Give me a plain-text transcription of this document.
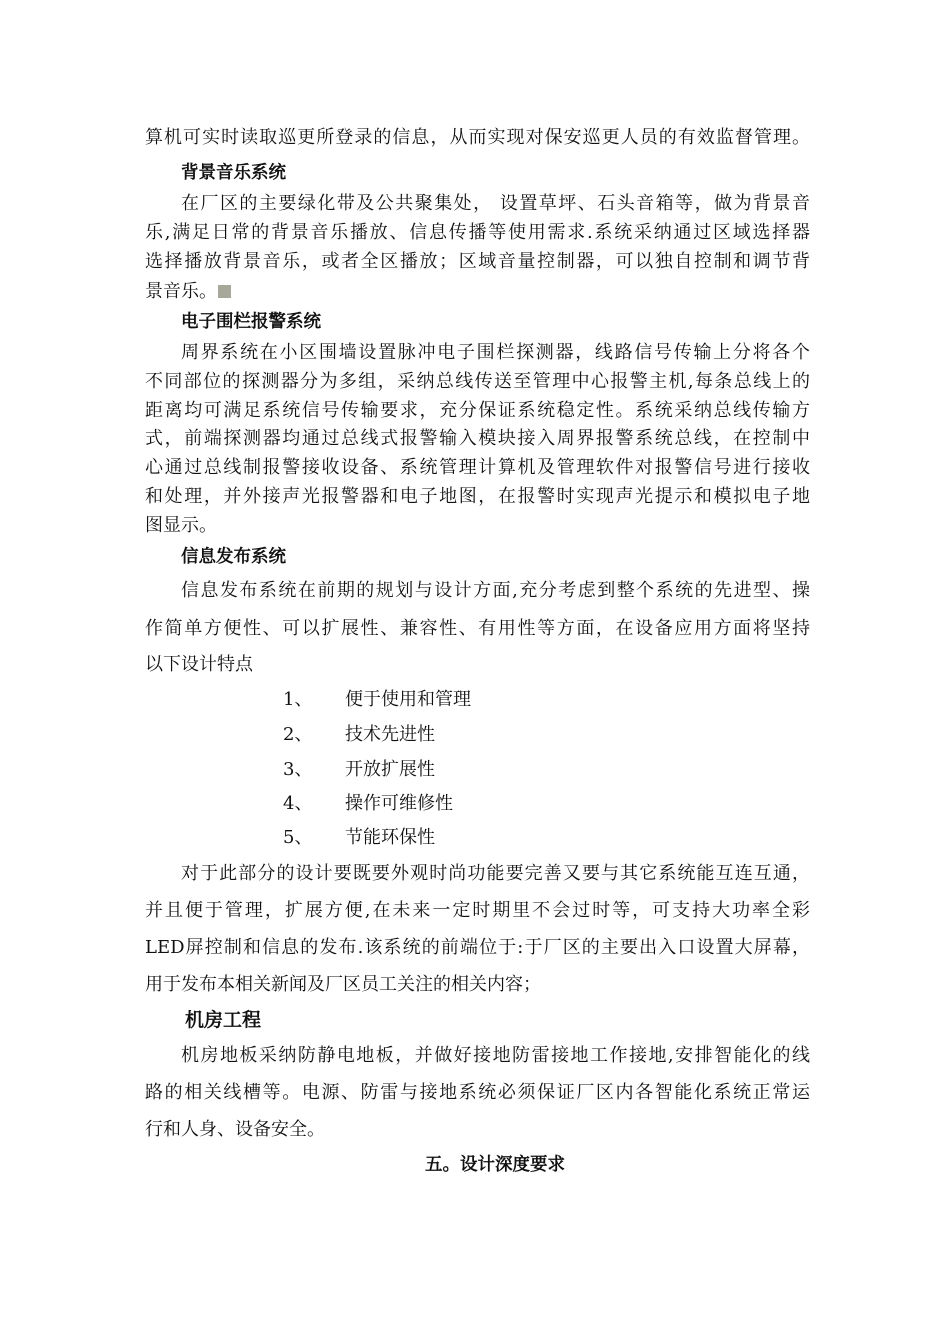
算机可实时读取巡更所登录的信息，从而实现对保安巡更人员的有效监督管理。
背景音乐系统
在厂区的主要绿化带及公共聚集处， 设置草坪、石头音箱等，做为背景音
乐,满足日常的背景音乐播放、信息传播等使用需求.系统采纳通过区域选择器
选择播放背景音乐，或者全区播放；区域音量控制器，可以独自控制和调节背
景音乐。
电子围栏报警系统
周界系统在小区围墙设置脉冲电子围栏探测器，线路信号传输上分将各个
不同部位的探测器分为多组，采纳总线传送至管理中心报警主机,每条总线上的
距离均可满足系统信号传输要求，充分保证系统稳定性。系统采纳总线传输方
式，前端探测器均通过总线式报警输入模块接入周界报警系统总线，在控制中
心通过总线制报警接收设备、系统管理计算机及管理软件对报警信号进行接收
和处理，并外接声光报警器和电子地图，在报警时实现声光提示和模拟电子地
图显示。
信息发布系统
信息发布系统在前期的规划与设计方面,充分考虑到整个系统的先进型、操
作简单方便性、可以扩展性、兼容性、有用性等方面，在设备应用方面将坚持
以下设计特点
1、 便于使用和管理
2、 技术先进性
3、 开放扩展性
4、 操作可维修性
5、 节能环保性
对于此部分的设计要既要外观时尚功能要完善又要与其它系统能互连互通，
并且便于管理，扩展方便,在未来一定时期里不会过时等，可支持大功率全彩
LED屏控制和信息的发布.该系统的前端位于:于厂区的主要出入口设置大屏幕，
用于发布本相关新闻及厂区员工关注的相关内容；
机房工程
机房地板采纳防静电地板，并做好接地防雷接地工作接地,安排智能化的线
路的相关线槽等。电源、防雷与接地系统必须保证厂区内各智能化系统正常运
行和人身、设备安全。
五。设计深度要求
